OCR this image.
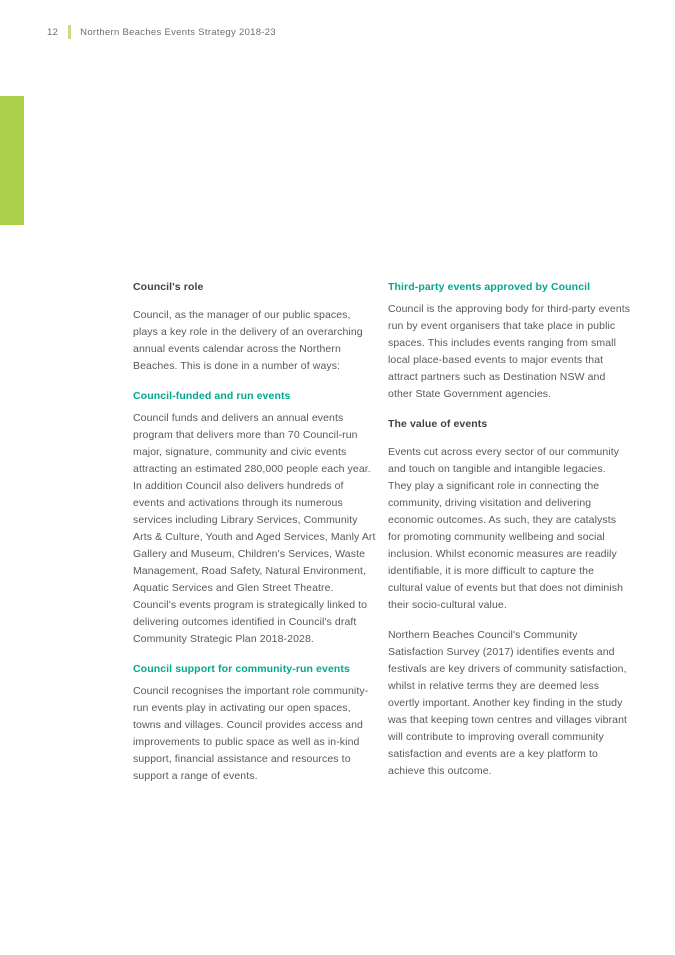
12 Northern Beaches Events Strategy 2018-23
Council's role

Council, as the manager of our public spaces, plays a key role in the delivery of an overarching annual events calendar across the Northern Beaches. This is done in a number of ways:

Council-funded and run events

Council funds and delivers an annual events program that delivers more than 70 Council-run major, signature, community and civic events attracting an estimated 280,000 people each year. In addition Council also delivers hundreds of events and activations through its numerous services including Library Services, Community Arts & Culture, Youth and Aged Services, Manly Art Gallery and Museum, Children's Services, Waste Management, Road Safety, Natural Environment, Aquatic Services and Glen Street Theatre. Council's events program is strategically linked to delivering outcomes identified in Council's draft Community Strategic Plan 2018-2028.

Council support for community-run events

Council recognises the important role community-run events play in activating our open spaces, towns and villages. Council provides access and improvements to public space as well as in-kind support, financial assistance and resources to support a range of events.

Third-party events approved by Council

Council is the approving body for third-party events run by event organisers that take place in public spaces. This includes events ranging from small local place-based events to major events that attract partners such as Destination NSW and other State Government agencies.

The value of events

Events cut across every sector of our community and touch on tangible and intangible legacies. They play a significant role in connecting the community, driving visitation and delivering economic outcomes. As such, they are catalysts for promoting community wellbeing and social inclusion. Whilst economic measures are readily identifiable, it is more difficult to capture the cultural value of events but that does not diminish their socio-cultural value.

Northern Beaches Council's Community Satisfaction Survey (2017) identifies events and festivals are key drivers of community satisfaction, whilst in relative terms they are deemed less overtly important. Another key finding in the study was that keeping town centres and villages vibrant will contribute to improving overall community satisfaction and events are a key platform to achieve this outcome.
